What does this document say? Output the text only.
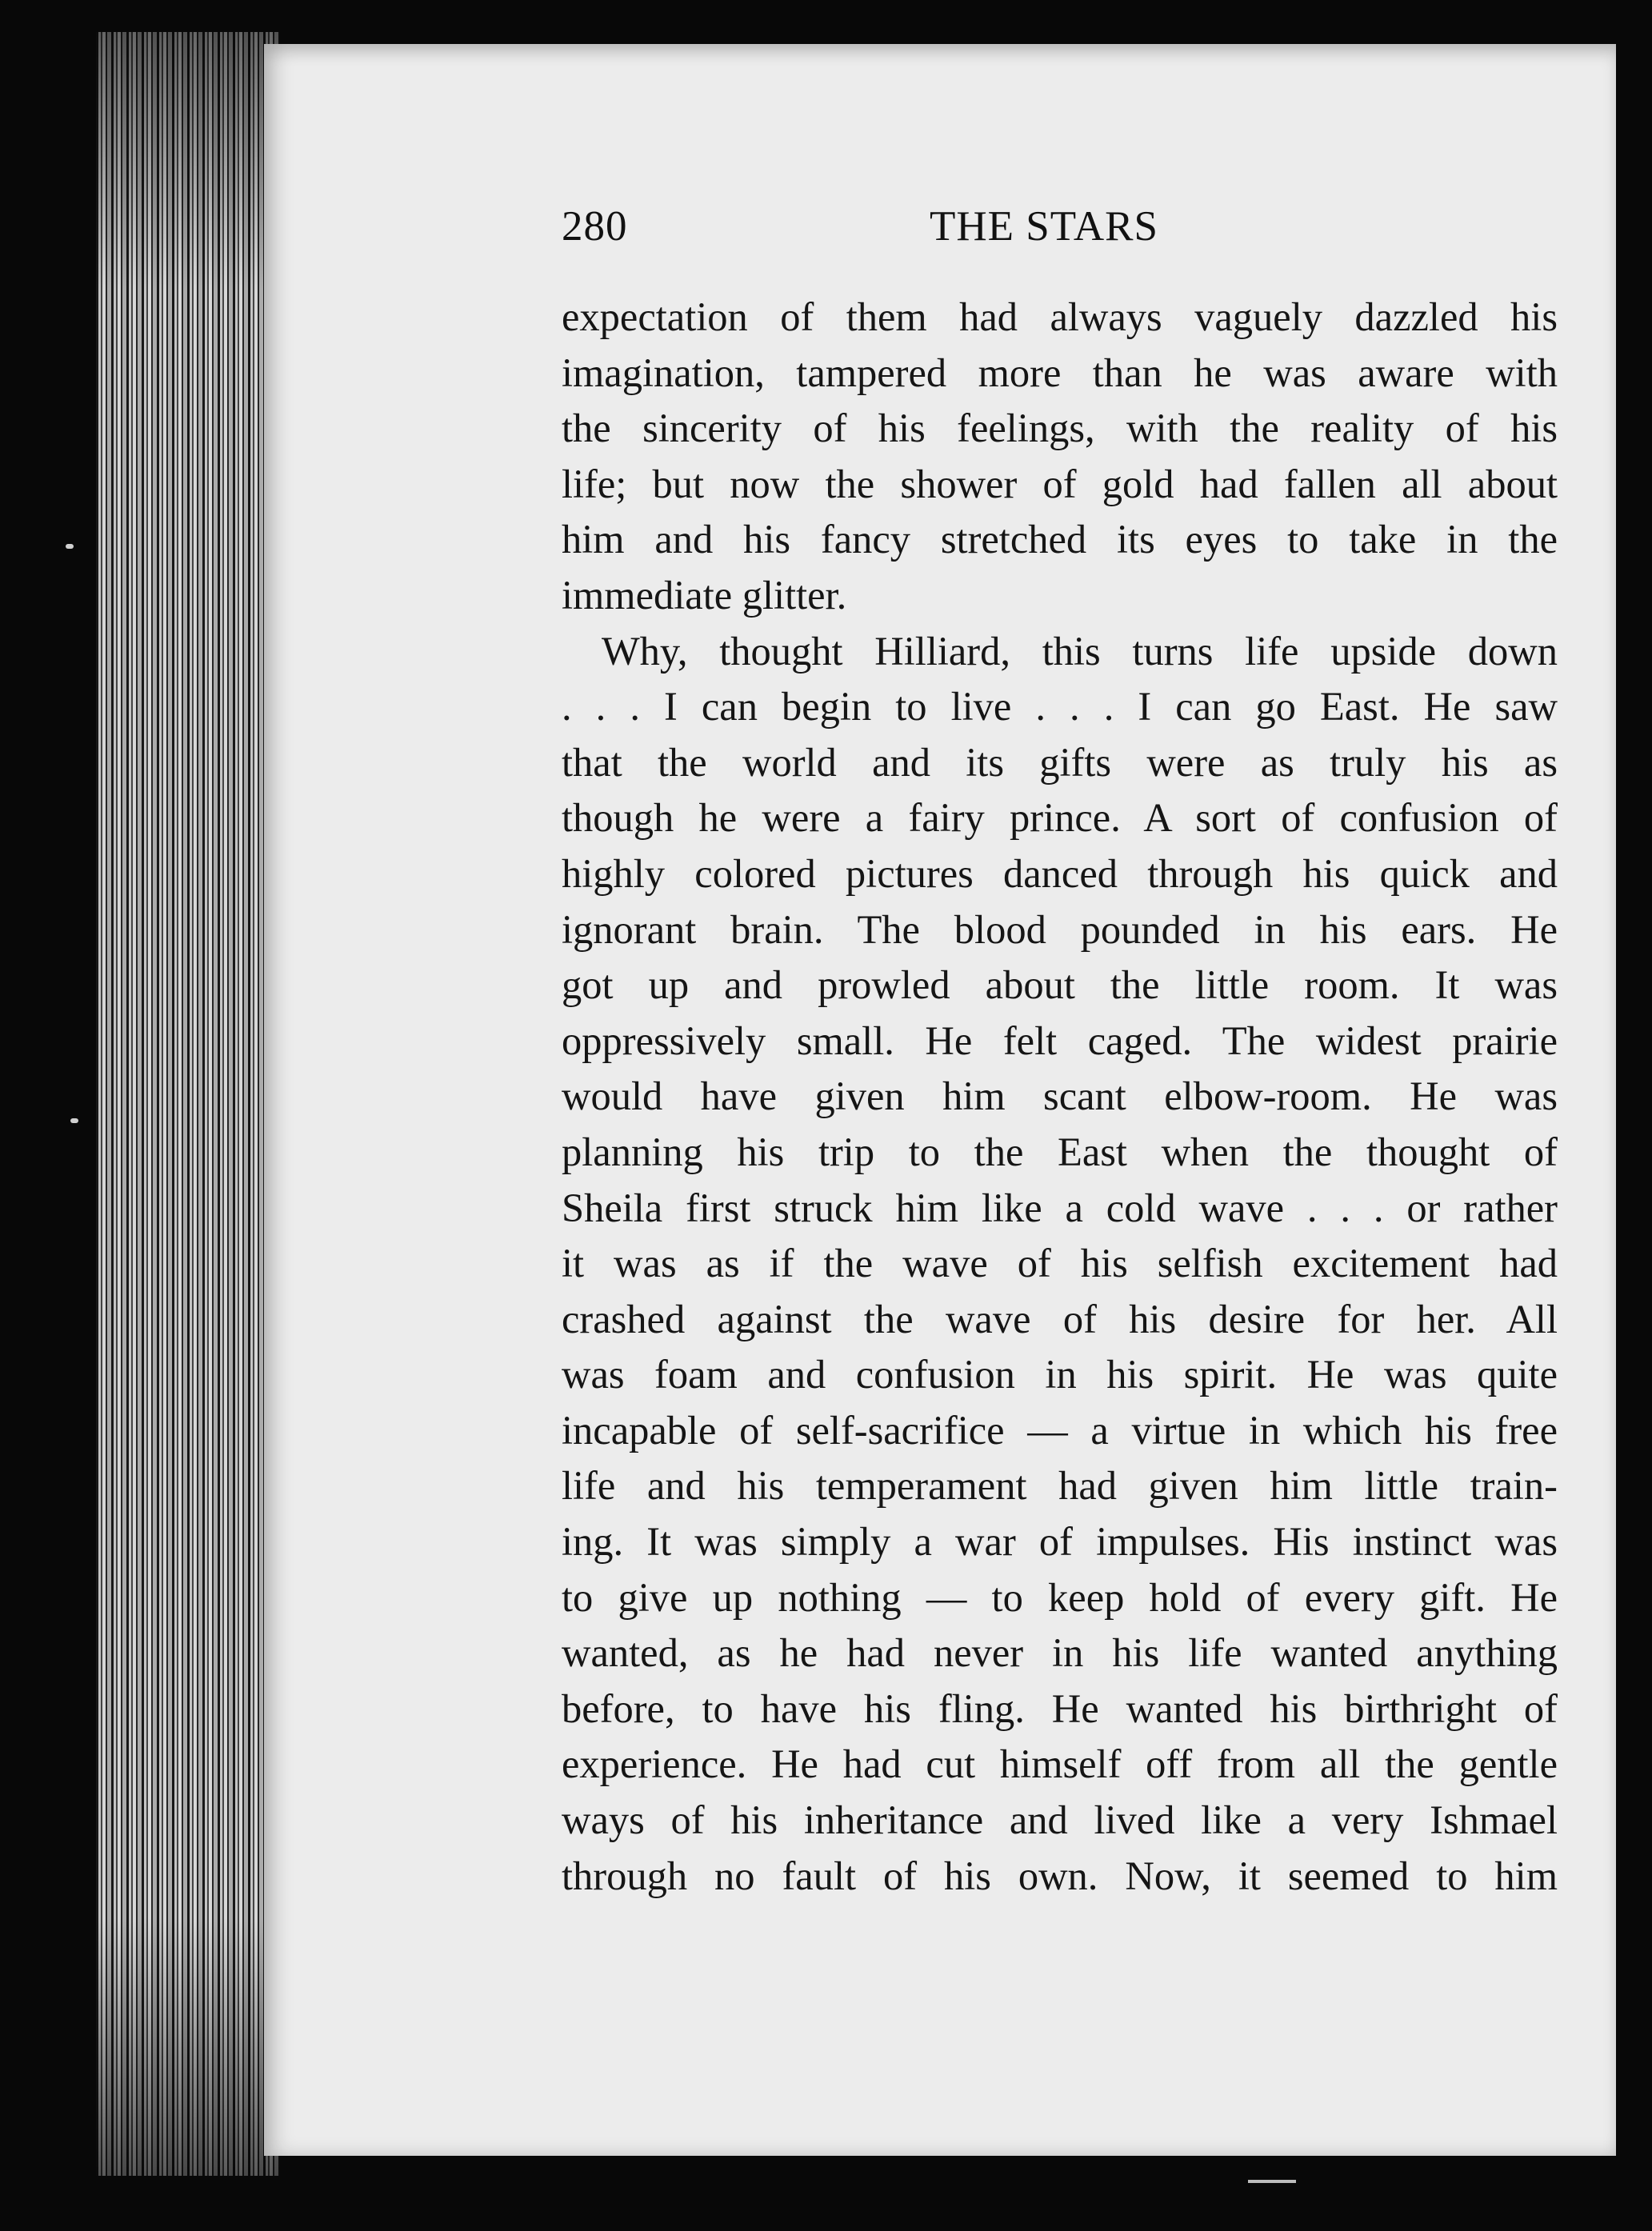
280	THE STARS
expectation of them had always vaguely dazzled his
imagination, tampered more than he was aware with
the sincerity of his feelings, with the reality of his
life; but now the shower of gold had fallen all about
him and his fancy stretched its eyes to take in the
immediate glitter.
Why, thought Hilliard, this turns life upside down
. . . I can begin to live . . . I can go East. He saw
that the world and its gifts were as truly his as
though he were a fairy prince. A sort of confusion of
highly colored pictures danced through his quick and
ignorant brain. The blood pounded in his ears. He
got up and prowled about the little room. It was
oppressively small. He felt caged. The widest prairie
would have given him scant elbow-room. He was
planning his trip to the East when the thought of
Sheila first struck him like a cold wave . . . or rather
it was as if the wave of his selfish excitement had
crashed against the wave of his desire for her. All
was foam and confusion in his spirit. He was quite
incapable of self-sacrifice — a virtue in which his free
life and his temperament had given him little train-
ing. It was simply a war of impulses. His instinct was
to give up nothing — to keep hold of every gift. He
wanted, as he had never in his life wanted anything
before, to have his fling. He wanted his birthright of
experience. He had cut himself off from all the gentle
ways of his inheritance and lived like a very Ishmael
through no fault of his own. Now, it seemed to him
